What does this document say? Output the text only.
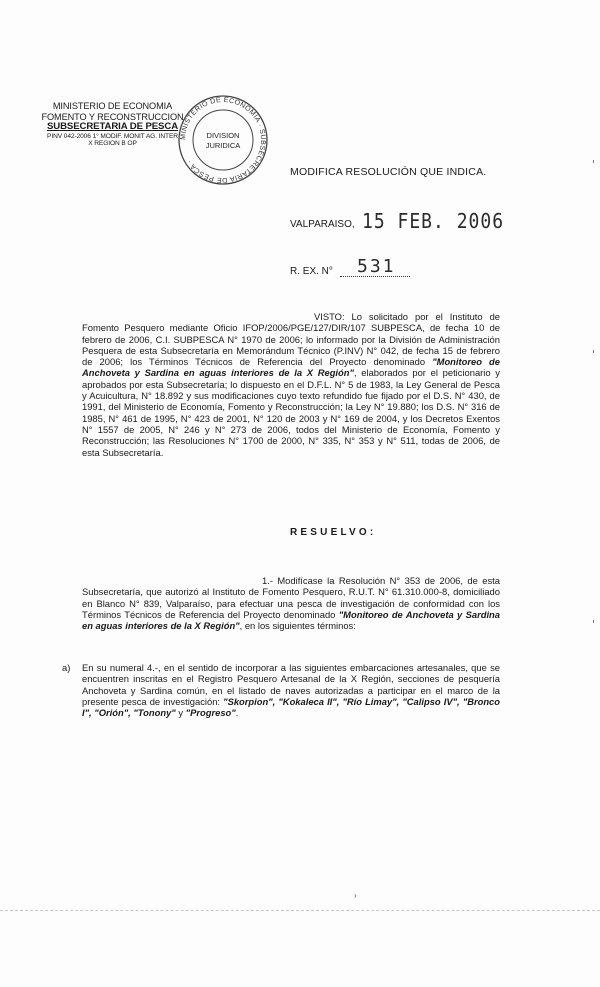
MINISTERIO DE ECONOMIA
FOMENTO Y RECONSTRUCCION
SUBSECRETARIA DE PESCA
PINV 042-2006 1° MODIF. MONIT AG. INTER
X REGION B OP
MINISTERIO DE ECONOMIA · SUBSECRETARIA DE PESCA ·
DIVISION
JURIDICA
MODIFICA RESOLUCIÓN QUE INDICA.
VALPARAISO, 15 FEB. 2006
R. EX. N° 531
VISTO: Lo solicitado por el Instituto de Fomento Pesquero mediante Oficio IFOP/2006/PGE/127/DIR/107 SUBPESCA, de fecha 10 de febrero de 2006, C.I. SUBPESCA N° 1970 de 2006; lo informado por la División de Administración Pesquera de esta Subsecretaría en Memorándum Técnico (P.INV) N° 042, de fecha 15 de febrero de 2006; los Términos Técnicos de Referencia del Proyecto denominado "Monitoreo de Anchoveta y Sardina en aguas interiores de la X Región", elaborados por el peticionario y aprobados por esta Subsecretaría; lo dispuesto en el D.F.L. N° 5 de 1983, la Ley General de Pesca y Acuicultura, N° 18.892 y sus modificaciones cuyo texto refundido fue fijado por el D.S. N° 430, de 1991, del Ministerio de Economía, Fomento y Reconstrucción; la Ley N° 19.880; los D.S. N° 316 de 1985, N° 461 de 1995, N° 423 de 2001, N° 120 de 2003 y N° 169 de 2004, y los Decretos Exentos N° 1557 de 2005, N° 246 y N° 273 de 2006, todos del Ministerio de Economía, Fomento y Reconstrucción; las Resoluciones N° 1700 de 2000, N° 335, N° 353 y N° 511, todas de 2006, de esta Subsecretaría.
RESUELVO:
1.- Modifícase la Resolución N° 353 de 2006, de esta Subsecretaría, que autorizó al Instituto de Fomento Pesquero, R.U.T. N° 61.310.000-8, domiciliado en Blanco N° 839, Valparaíso, para efectuar una pesca de investigación de conformidad con los Términos Técnicos de Referencia del Proyecto denominado "Monitoreo de Anchoveta y Sardina en aguas interiores de la X Región", en los siguientes términos:
a) En su numeral 4.-, en el sentido de incorporar a las siguientes embarcaciones artesanales, que se encuentren inscritas en el Registro Pesquero Artesanal de la X Región, secciones de pesquería Anchoveta y Sardina común, en el listado de naves autorizadas a participar en el marco de la presente pesca de investigación: "Skorpion", "Kokaleca II", "Río Limay", "Calipso IV", "Bronco I", "Orión", "Tonony" y "Progreso".
›
